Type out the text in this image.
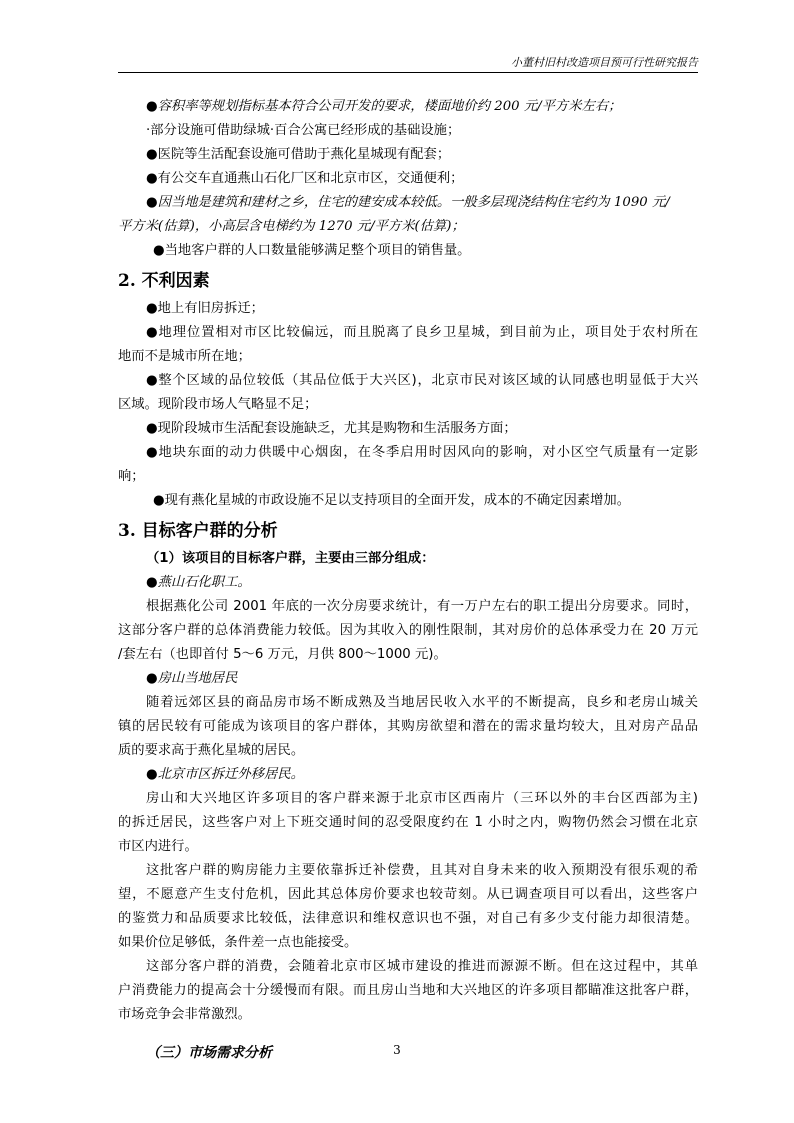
小董村旧村改造项目预可行性研究报告
●容积率等规划指标基本符合公司开发的要求，楼面地价约 200 元/平方米左右；
·部分设施可借助绿城·百合公寓已经形成的基础设施；
●医院等生活配套设施可借助于燕化星城现有配套；
●有公交车直通燕山石化厂区和北京市区，交通便利；
●因当地是建筑和建材之乡，住宅的建安成本较低。一般多层现浇结构住宅约为 1090 元/
平方米(估算)，小高层含电梯约为 1270 元/平方米(估算)；
●当地客户群的人口数量能够满足整个项目的销售量。
2. 不利因素
●地上有旧房拆迁；
●地理位置相对市区比较偏远，而且脱离了良乡卫星城，到目前为止，项目处于农村所在
地而不是城市所在地；
●整个区域的品位较低（其品位低于大兴区)，北京市民对该区域的认同感也明显低于大兴
区域。现阶段市场人气略显不足；
●现阶段城市生活配套设施缺乏，尤其是购物和生活服务方面；
●地块东面的动力供暖中心烟囱，在冬季启用时因风向的影响，对小区空气质量有一定影
响；
●现有燕化星城的市政设施不足以支持项目的全面开发，成本的不确定因素增加。
3. 目标客户群的分析
（1）该项目的目标客户群，主要由三部分组成：
●燕山石化职工。
根据燕化公司 2001 年底的一次分房要求统计，有一万户左右的职工提出分房要求。同时，
这部分客户群的总体消费能力较低。因为其收入的刚性限制，其对房价的总体承受力在 20 万元
/套左右（也即首付 5～6 万元，月供 800～1000 元)。
●房山当地居民
随着远郊区县的商品房市场不断成熟及当地居民收入水平的不断提高，良乡和老房山城关
镇的居民较有可能成为该项目的客户群体，其购房欲望和潜在的需求量均较大，且对房产品品
质的要求高于燕化星城的居民。
●北京市区拆迁外移居民。
房山和大兴地区许多项目的客户群来源于北京市区西南片（三环以外的丰台区西部为主)
的拆迁居民，这些客户对上下班交通时间的忍受限度约在 1 小时之内，购物仍然会习惯在北京
市区内进行。
这批客户群的购房能力主要依靠拆迁补偿费，且其对自身未来的收入预期没有很乐观的希
望，不愿意产生支付危机，因此其总体房价要求也较苛刻。从已调查项目可以看出，这些客户
的鉴赏力和品质要求比较低，法律意识和维权意识也不强，对自己有多少支付能力却很清楚。
如果价位足够低，条件差一点也能接受。
这部分客户群的消费，会随着北京市区城市建设的推进而源源不断。但在这过程中，其单
户消费能力的提高会十分缓慢而有限。而且房山当地和大兴地区的许多项目都瞄准这批客户群，
市场竞争会非常激烈。
（三）市场需求分析	3
